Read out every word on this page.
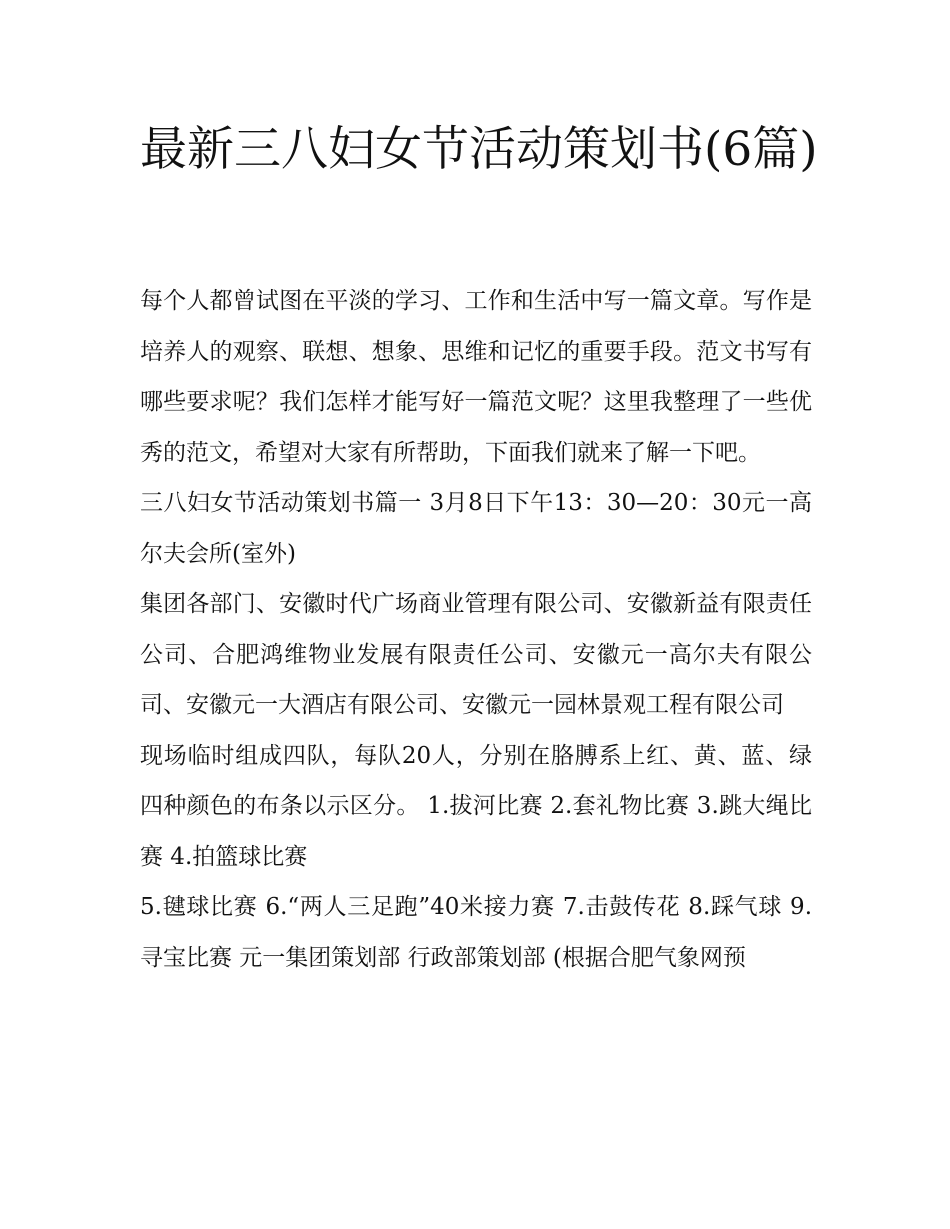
最新三八妇女节活动策划书(6篇)

每个人都曾试图在平淡的学习、工作和生活中写一篇文章。写作是培养人的观察、联想、想象、思维和记忆的重要手段。范文书写有哪些要求呢？我们怎样才能写好一篇范文呢？这里我整理了一些优秀的范文，希望对大家有所帮助，下面我们就来了解一下吧。

三八妇女节活动策划书篇一 3月8日下午13：30—20：30元一高尔夫会所(室外)

集团各部门、安徽时代广场商业管理有限公司、安徽新益有限责任公司、合肥鸿维物业发展有限责任公司、安徽元一高尔夫有限公司、安徽元一大酒店有限公司、安徽元一园林景观工程有限公司

现场临时组成四队，每队20人，分别在胳膊系上红、黄、蓝、绿四种颜色的布条以示区分。 1.拔河比赛 2.套礼物比赛 3.跳大绳比赛 4.拍篮球比赛

5.毽球比赛 6.“两人三足跑”40米接力赛 7.击鼓传花 8.踩气球 9.寻宝比赛 元一集团策划部 行政部策划部 (根据合肥气象网预
